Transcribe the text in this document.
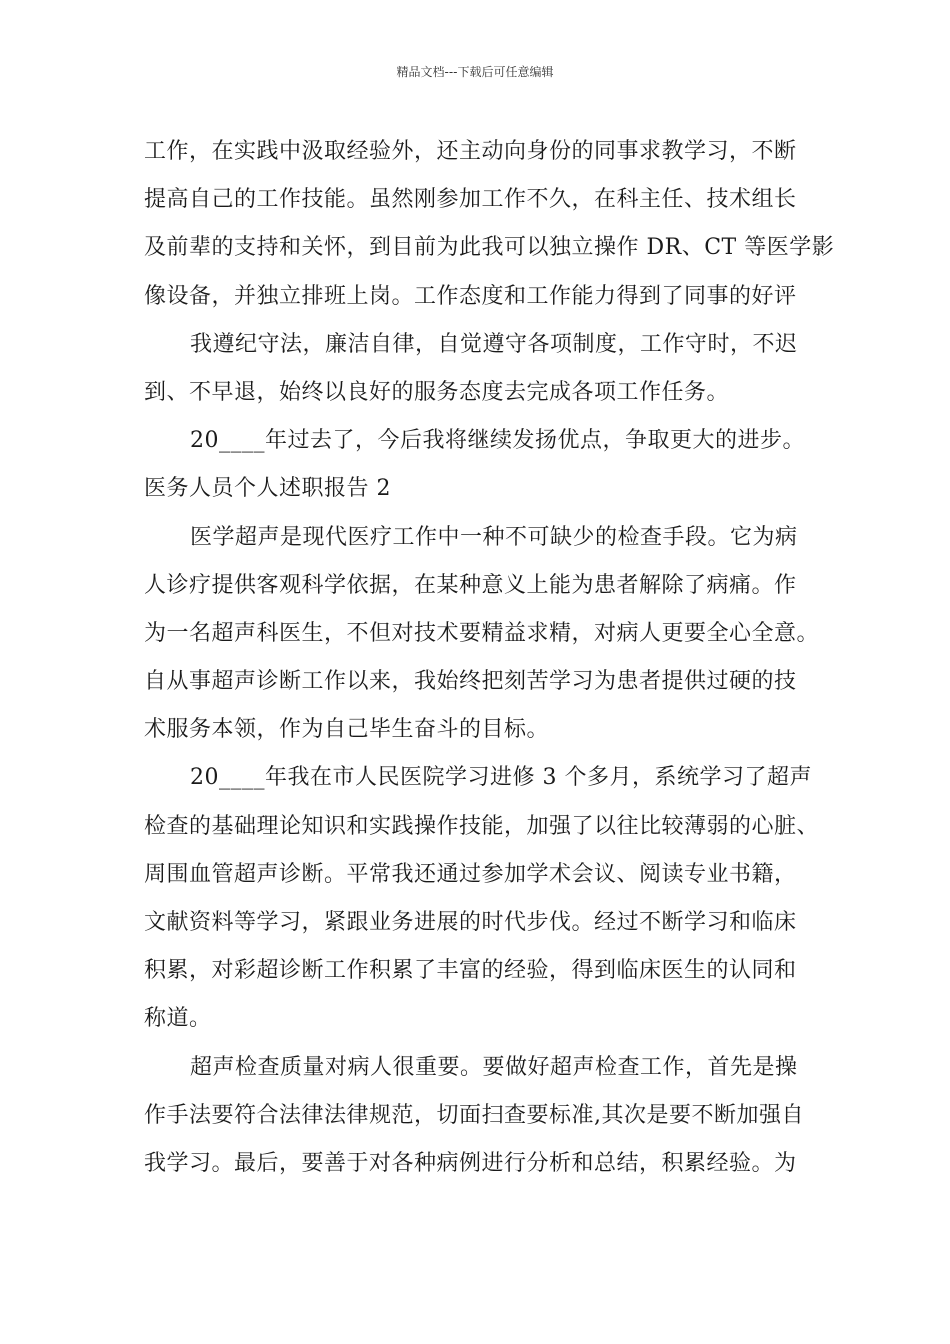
精品文档---下载后可任意编辑
工作，在实践中汲取经验外，还主动向身份的同事求教学习，不断
提高自己的工作技能。虽然刚参加工作不久，在科主任、技术组长
及前辈的支持和关怀，到目前为此我可以独立操作 DR、CT 等医学影
像设备，并独立排班上岗。工作态度和工作能力得到了同事的好评
我遵纪守法，廉洁自律，自觉遵守各项制度，工作守时，不迟
到、不早退，始终以良好的服务态度去完成各项工作任务。
20____年过去了，今后我将继续发扬优点，争取更大的进步。
医务人员个人述职报告 2
医学超声是现代医疗工作中一种不可缺少的检查手段。它为病
人诊疗提供客观科学依据，在某种意义上能为患者解除了病痛。作
为一名超声科医生，不但对技术要精益求精，对病人更要全心全意。
自从事超声诊断工作以来，我始终把刻苦学习为患者提供过硬的技
术服务本领，作为自己毕生奋斗的目标。
20____年我在市人民医院学习进修 3 个多月，系统学习了超声
检查的基础理论知识和实践操作技能，加强了以往比较薄弱的心脏、
周围血管超声诊断。平常我还通过参加学术会议、阅读专业书籍，
文献资料等学习，紧跟业务进展的时代步伐。经过不断学习和临床
积累，对彩超诊断工作积累了丰富的经验，得到临床医生的认同和
称道。
超声检查质量对病人很重要。要做好超声检查工作，首先是操
作手法要符合法律法律规范，切面扫查要标准,其次是要不断加强自
我学习。最后，要善于对各种病例进行分析和总结，积累经验。为
